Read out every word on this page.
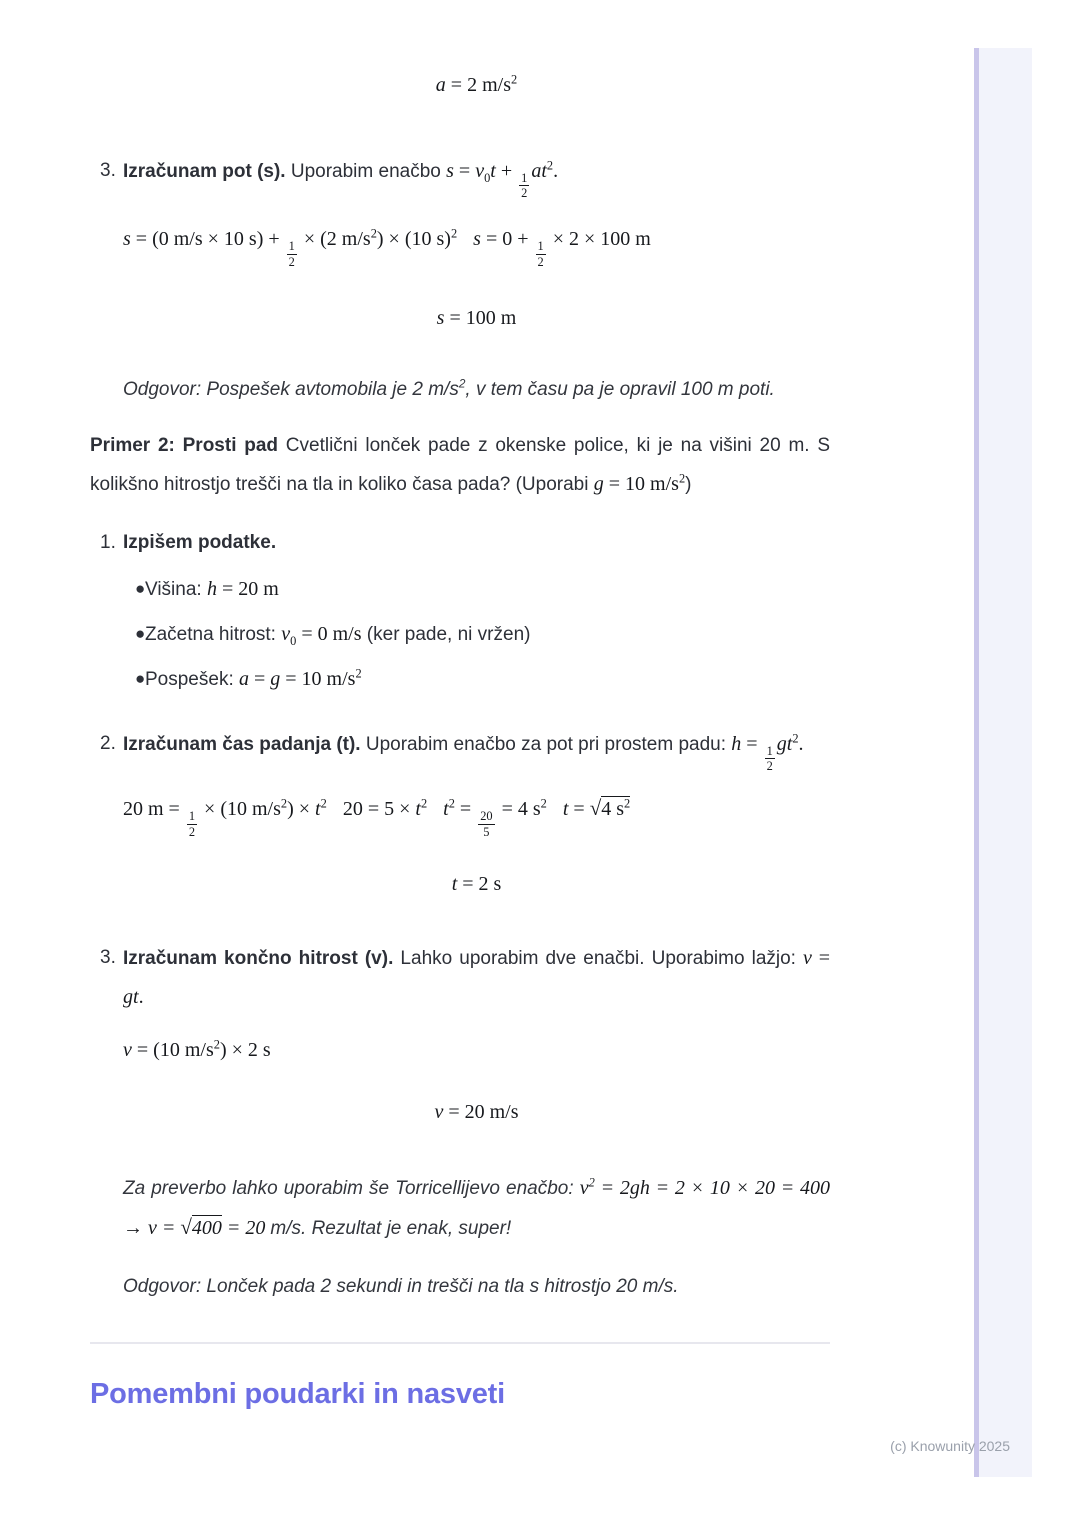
a = 2 $m/s^2$
3. Izračunam pot (s). Uporabim enačbo $s = v_0t + \frac{1}{2} at^2$.
s = (0 m/s × 10 $s) + \frac{1}{2} \times (2$ $m/s^2) \times (10$ s)$^2$ $s = 0 + \frac{1}{2} \times 2 \times 100$ m
s = 100 m
Odgovor: Pospešek avtomobila je 2 $m/s^2$, v tem času pa je opravil 100 m poti.
Primer 2: Prosti pad Cvetlični lonček pade z okenske police, ki je na višini 20 m. S kolikšno hitrostjo trešči na tla in koliko časa pada? (Uporabi g = 10 $m/s^2$)
1. Izpišem podatke.
● Višina: h = 20 m
● Začetna hitrost: $v_0 = 0$ m/s (ker pade, ni vržen)
● Pospešek: a = g = 10 $m/s^2$
2. Izračunam čas padanja (t). Uporabim enačbo za pot pri prostem padu: $h = \frac{1}{2} gt^2$.
20 $m = \frac{1}{2} \times (10$ $m/s^2) \times t^2$ $20 = 5 \times t^2$ $t^2 = \frac{20}{5} = 4$ $s^2$ t = √4 $s^2$
t = 2 s
3. Izračunam končno hitrost (v). Lahko uporabim dve enačbi. Uporabimo lažjo: v = gt.
v = (10 $m/s^2) \times 2$ s
v = 20 m/s
Za preverbo lahko uporabim še Torricellijevo enačbo: $v^2 = 2gh = 2 \times 10 \times 20 = 400 \to v = √400 = 20$ m/s. Rezultat je enak, super!
Odgovor: Lonček pada 2 sekundi in trešči na tla s hitrostjo 20 m/s.
Pomembni poudarki in nasveti
(c) Knowunity 2025
